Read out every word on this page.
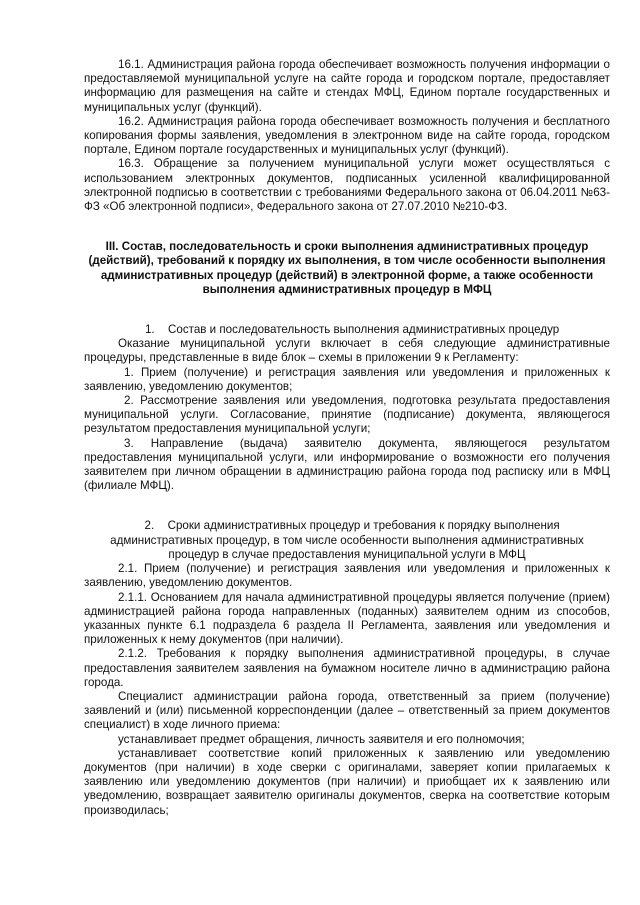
16.1. Администрация района города обеспечивает возможность получения информации о предоставляемой муниципальной услуге на сайте города и городском портале, предоставляет информацию для размещения на сайте и стендах МФЦ, Едином портале государственных и муниципальных услуг (функций).

16.2. Администрация района города обеспечивает возможность получения и бесплатного копирования формы заявления, уведомления в электронном виде на сайте города, городском портале, Едином портале государственных и муниципальных услуг (функций).

16.3. Обращение за получением муниципальной услуги может осуществляться с использованием электронных документов, подписанных усиленной квалифицированной электронной подписью в соответствии с требованиями Федерального закона от 06.04.2011 №63-ФЗ «Об электронной подписи», Федерального закона от 27.07.2010 №210-ФЗ.

III. Состав, последовательность и сроки выполнения административных процедур (действий), требований к порядку их выполнения, в том числе особенности выполнения административных процедур (действий) в электронной форме, а также особенности выполнения административных процедур в МФЦ

1. Состав и последовательность выполнения административных процедур

Оказание муниципальной услуги включает в себя следующие административные процедуры, представленные в виде блок – схемы в приложении 9 к Регламенту:

1. Прием (получение) и регистрация заявления или уведомления и приложенных к заявлению, уведомлению документов;

2. Рассмотрение заявления или уведомления, подготовка результата предоставления муниципальной услуги. Согласование, принятие (подписание) документа, являющегося результатом предоставления муниципальной услуги;

3. Направление (выдача) заявителю документа, являющегося результатом предоставления муниципальной услуги, или информирование о возможности его получения заявителем при личном обращении в администрацию района города под расписку или в МФЦ (филиале МФЦ).

2. Сроки административных процедур и требования к порядку выполнения административных процедур, в том числе особенности выполнения административных процедур в случае предоставления муниципальной услуги в МФЦ

2.1. Прием (получение) и регистрация заявления или уведомления и приложенных к заявлению, уведомлению документов.

2.1.1. Основанием для начала административной процедуры является получение (прием) администрацией района города направленных (поданных) заявителем одним из способов, указанных пункте 6.1 подраздела 6 раздела II Регламента, заявления или уведомления и приложенных к нему документов (при наличии).

2.1.2. Требования к порядку выполнения административной процедуры, в случае предоставления заявителем заявления на бумажном носителе лично в администрацию района города.

Специалист администрации района города, ответственный за прием (получение) заявлений и (или) письменной корреспонденции (далее – ответственный за прием документов специалист) в ходе личного приема:

устанавливает предмет обращения, личность заявителя и его полномочия;

устанавливает соответствие копий приложенных к заявлению или уведомлению документов (при наличии) в ходе сверки с оригиналами, заверяет копии прилагаемых к заявлению или уведомлению документов (при наличии) и приобщает их к заявлению или уведомлению, возвращает заявителю оригиналы документов, сверка на соответствие которым производилась;
